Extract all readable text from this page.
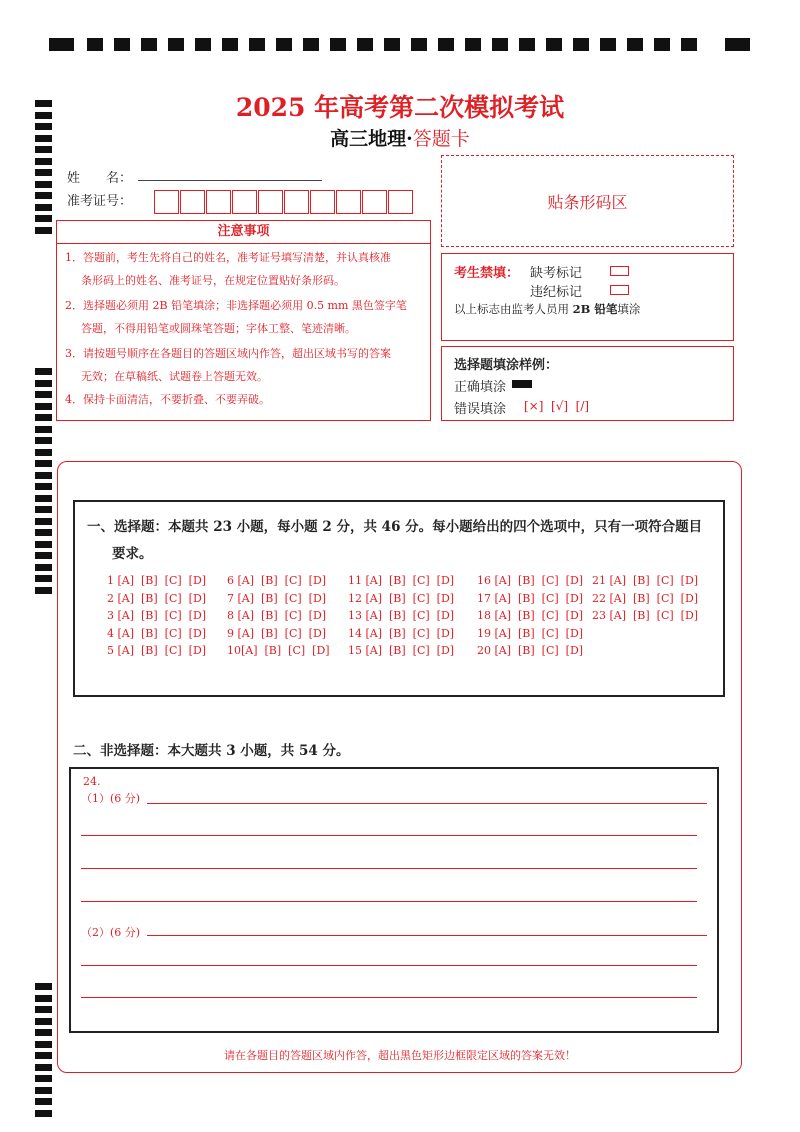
2025 年高考第二次模拟考试
高三地理·答题卡
姓　　名：
准考证号：	贴条形码区
注意事项
1．答题前，考生先将自己的姓名，准考证号填写清楚，并认真核准
条形码上的姓名、准考证号，在规定位置贴好条形码。
2．选择题必须用 2B 铅笔填涂；非选择题必须用 0.5 mm 黑色签字笔
答题，不得用铅笔或圆珠笔答题；字体工整、笔迹清晰。
3．请按题号顺序在各题目的答题区域内作答，超出区域书写的答案
无效；在草稿纸、试题卷上答题无效。
4．保持卡面清洁，不要折叠、不要弄破。
考生禁填： 缺考标记
违纪标记
以上标志由监考人员用 2B 铅笔填涂
选择题填涂样例：
正确填涂
错误填涂 [×]  [√]  [/]
一、选择题：本题共 23 小题，每小题 2 分，共 46 分。每小题给出的四个选项中，只有一项符合题目
要求。
1 [A]  [B]  [C]  [D]
2 [A]  [B]  [C]  [D]
3 [A]  [B]  [C]  [D]
4 [A]  [B]  [C]  [D]
5 [A]  [B]  [C]  [D]
6 [A]  [B]  [C]  [D]
7 [A]  [B]  [C]  [D]
8 [A]  [B]  [C]  [D]
9 [A]  [B]  [C]  [D]
10[A]  [B]  [C]  [D]
11 [A]  [B]  [C]  [D]
12 [A]  [B]  [C]  [D]
13 [A]  [B]  [C]  [D]
14 [A]  [B]  [C]  [D]
15 [A]  [B]  [C]  [D]
16 [A]  [B]  [C]  [D]
17 [A]  [B]  [C]  [D]
18 [A]  [B]  [C]  [D]
19 [A]  [B]  [C]  [D]
20 [A]  [B]  [C]  [D]
21 [A]  [B]  [C]  [D]
22 [A]  [B]  [C]  [D]
23 [A]  [B]  [C]  [D]
二、非选择题：本大题共 3 小题，共 54 分。
24.
（1）(6 分)
（2）(6 分)
请在各题目的答题区域内作答，超出黑色矩形边框限定区域的答案无效！
